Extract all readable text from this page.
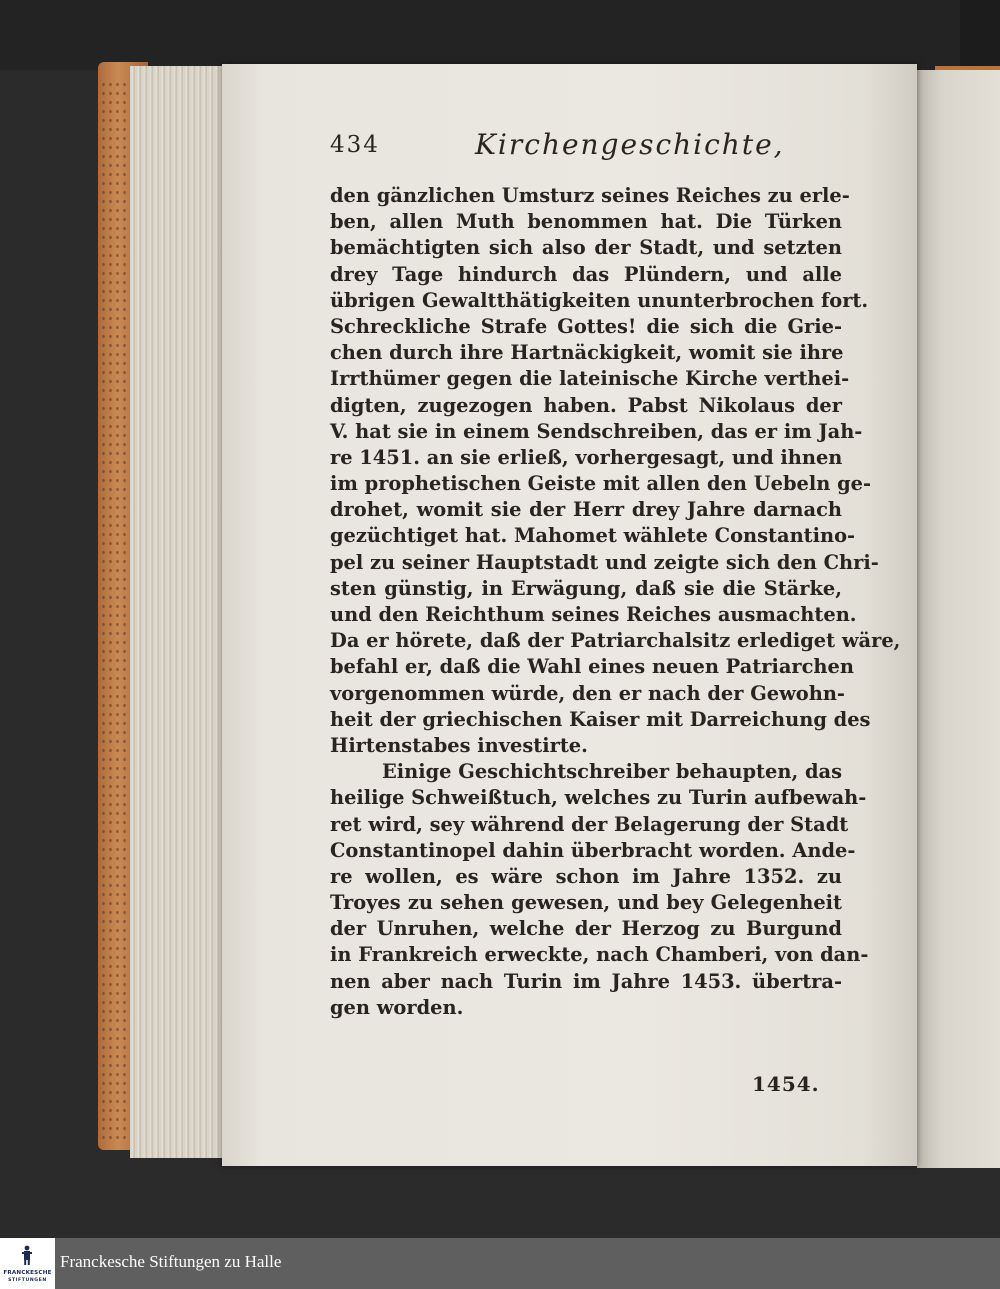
434	Kirchengeschichte,
den gänzlichen Umsturz seines Reiches zu erle-
ben, allen Muth benommen hat. Die Türken
bemächtigten sich also der Stadt, und setzten
drey Tage hindurch das Plündern, und alle
übrigen Gewaltthätigkeiten ununterbrochen fort.
Schreckliche Strafe Gottes! die sich die Grie-
chen durch ihre Hartnäckigkeit, womit sie ihre
Irrthümer gegen die lateinische Kirche verthei-
digten, zugezogen haben. Pabst Nikolaus der
V. hat sie in einem Sendschreiben, das er im Jah-
re 1451. an sie erließ, vorhergesagt, und ihnen
im prophetischen Geiste mit allen den Uebeln ge-
drohet, womit sie der Herr drey Jahre darnach
gezüchtiget hat. Mahomet wählete Constantino-
pel zu seiner Hauptstadt und zeigte sich den Chri-
sten günstig, in Erwägung, daß sie die Stärke,
und den Reichthum seines Reiches ausmachten.
Da er hörete, daß der Patriarchalsitz erlediget wäre,
befahl er, daß die Wahl eines neuen Patriarchen
vorgenommen würde, den er nach der Gewohn-
heit der griechischen Kaiser mit Darreichung des
Hirtenstabes investirte.
Einige Geschichtschreiber behaupten, das
heilige Schweißtuch, welches zu Turin aufbewah-
ret wird, sey während der Belagerung der Stadt
Constantinopel dahin überbracht worden. Ande-
re wollen, es wäre schon im Jahre 1352. zu
Troyes zu sehen gewesen, und bey Gelegenheit
der Unruhen, welche der Herzog zu Burgund
in Frankreich erweckte, nach Chamberi, von dan-
nen aber nach Turin im Jahre 1453. übertra-
gen worden.
1454.
FRANCKESCHE
STIFTUNGEN
Franckesche Stiftungen zu Halle
